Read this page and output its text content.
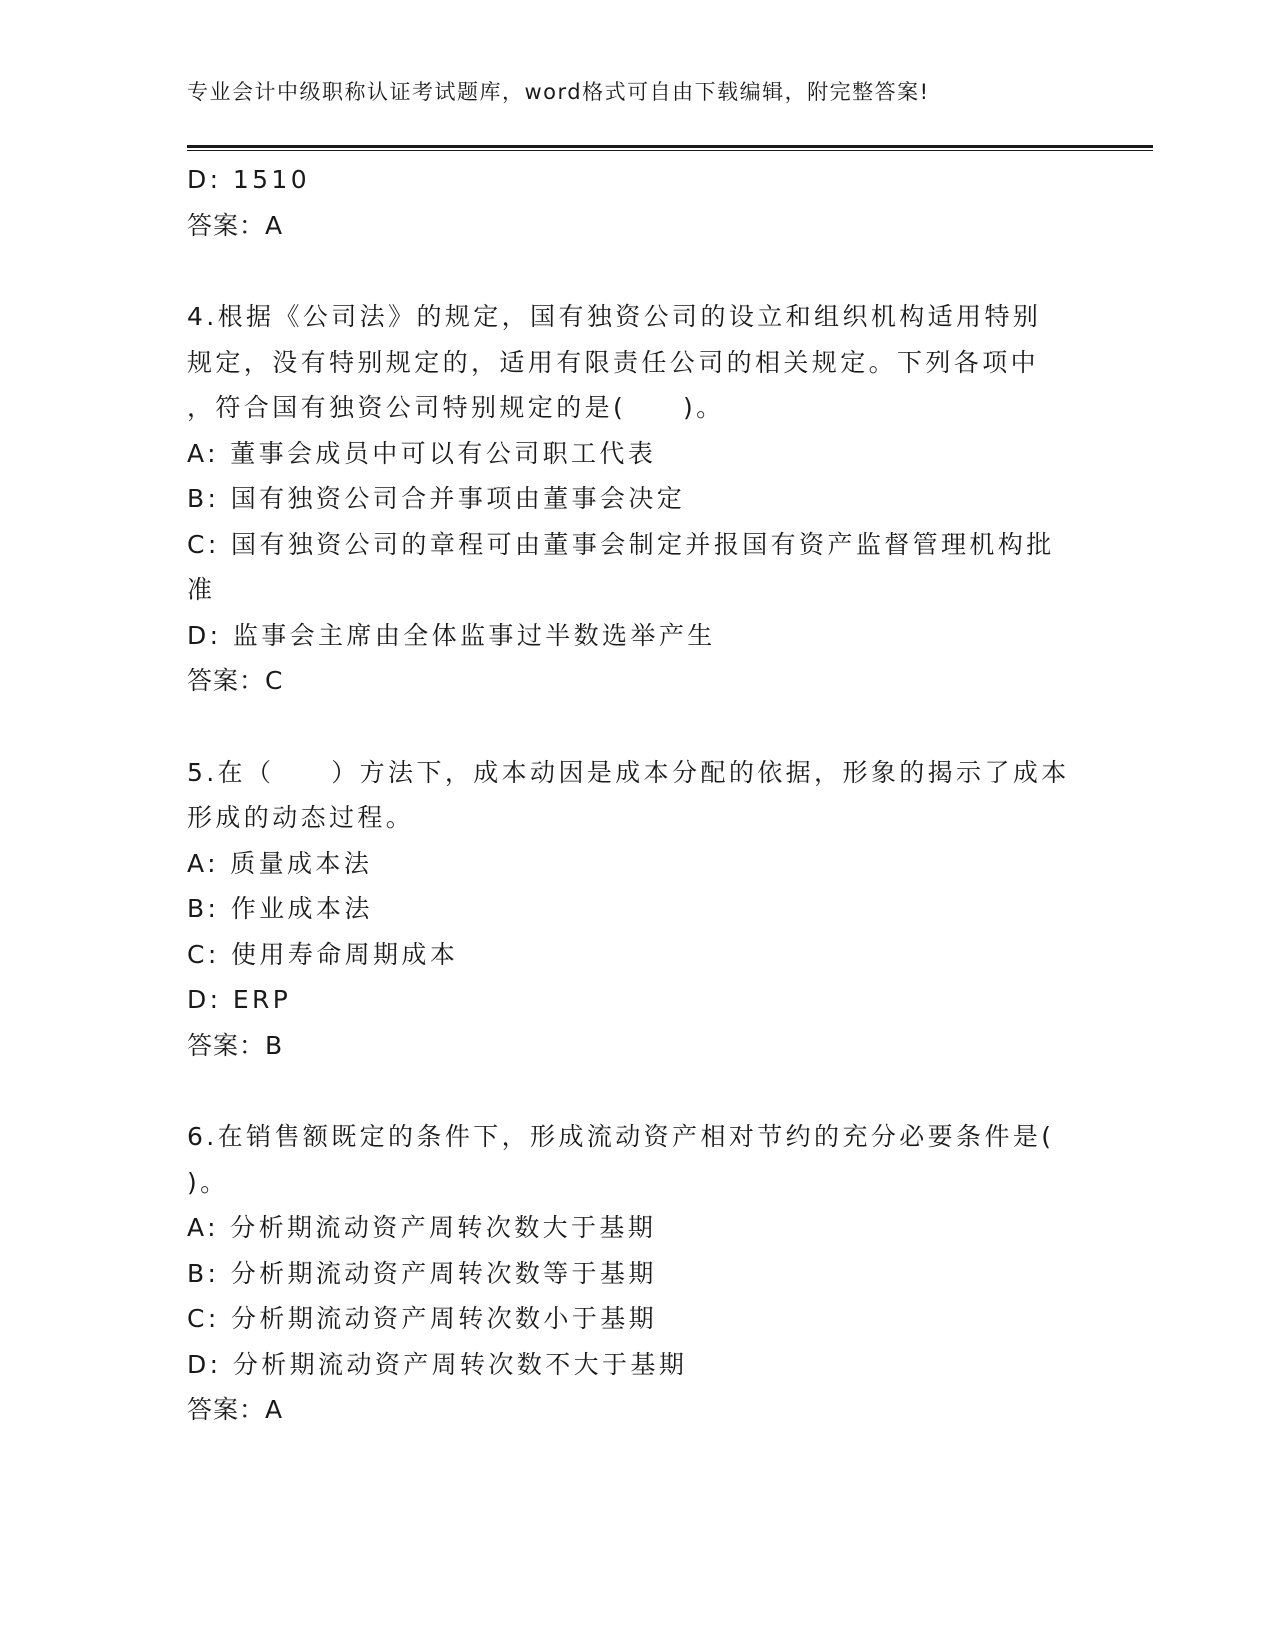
专业会计中级职称认证考试题库，word格式可自由下载编辑，附完整答案!
D: 1510
答案：A
4.根据《公司法》的规定，国有独资公司的设立和组织机构适用特别
规定，没有特别规定的，适用有限责任公司的相关规定。下列各项中
，符合国有独资公司特别规定的是(　　)。
A: 董事会成员中可以有公司职工代表
B: 国有独资公司合并事项由董事会决定
C: 国有独资公司的章程可由董事会制定并报国有资产监督管理机构批
准
D: 监事会主席由全体监事过半数选举产生
答案：C
5.在（　　）方法下，成本动因是成本分配的依据，形象的揭示了成本
形成的动态过程。
A: 质量成本法
B: 作业成本法
C: 使用寿命周期成本
D: ERP
答案：B
6.在销售额既定的条件下，形成流动资产相对节约的充分必要条件是(
)。
A: 分析期流动资产周转次数大于基期
B: 分析期流动资产周转次数等于基期
C: 分析期流动资产周转次数小于基期
D: 分析期流动资产周转次数不大于基期
答案：A
